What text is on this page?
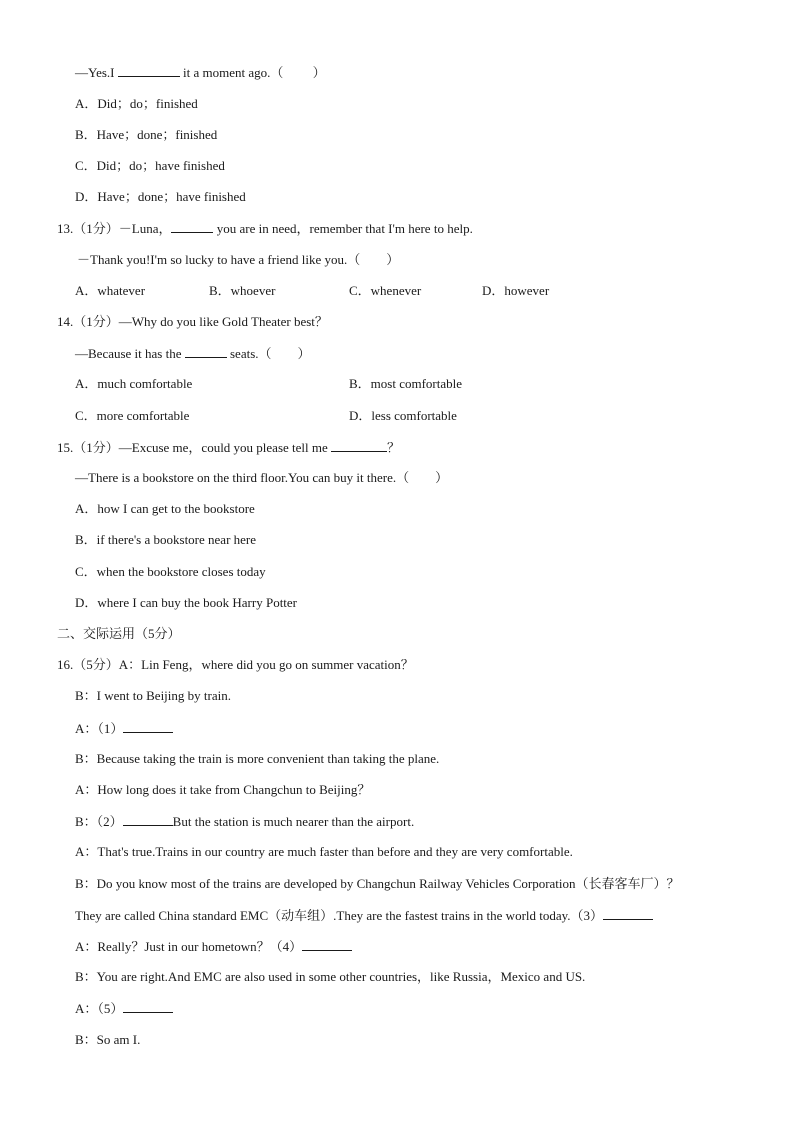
—Yes.I	it a moment ago.（ 　　）
A．Did；do；finished
B．Have；done；finished
C．Did；do；have finished
D．Have；done；have finished
13.（1分）－Luna，	you are in need，remember that I'm here to help.
－Thank you!I'm so lucky to have a friend like you.（　　）
A．whatever	B．whoever	C．whenever	D．however
14.（1分）—Why do you like Gold Theater best？
—Because it has the	seats.（　　）
A．much comfortable	B．most comfortable
C．more comfortable	D．less comfortable
15.（1分）—Excuse me，could you please tell me	？
—There is a bookstore on the third floor.You can buy it there.（　　）
A．how I can get to the bookstore
B．if there's a bookstore near here
C．when the bookstore closes today
D．where I can buy the book Harry Potter
二、交际运用（5分）
16.（5分）A：Lin Feng，where did you go on summer vacation？
B：I went to Beijing by train.
A：（1）
B：Because taking the train is more convenient than taking the plane.
A：How long does it take from Changchun to Beijing？
B：（2）	But the station is much nearer than the airport.
A：That's true.Trains in our country are much faster than before and they are very comfortable.
B：Do you know most of the trains are developed by Changchun Railway Vehicles Corporation（长春客车厂）？
They are called China standard EMC（动车组）.They are the fastest trains in the world today.（3）
A：Really？Just in our hometown？（4）
B：You are right.And EMC are also used in some other countries，like Russia，Mexico and US.
A：（5）
B：So am I.
